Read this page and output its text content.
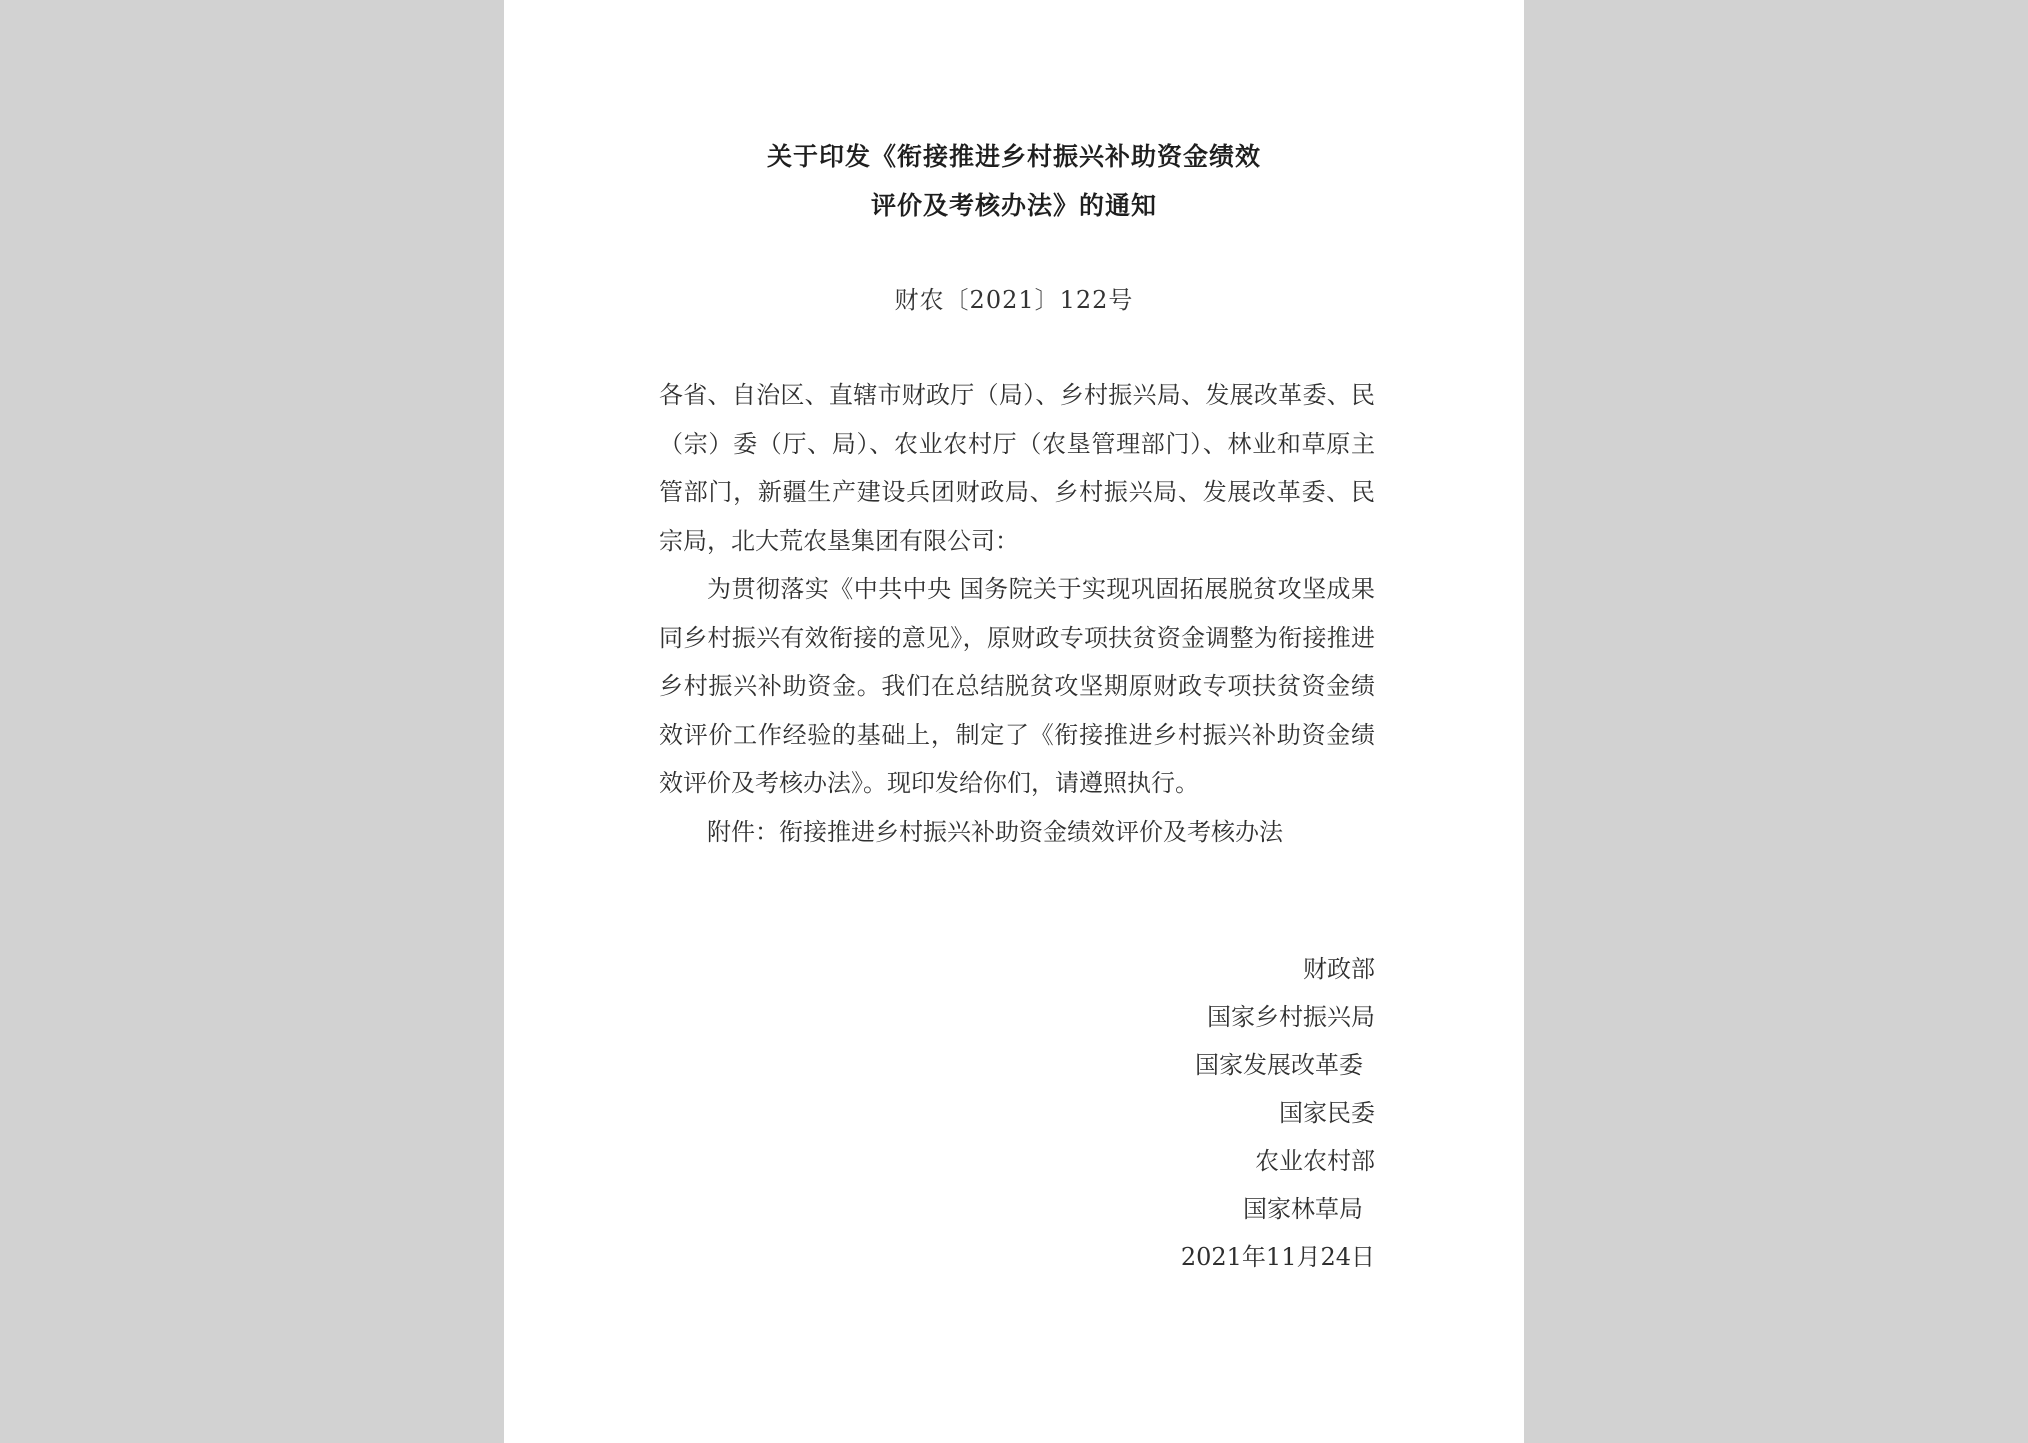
关于印发《衔接推进乡村振兴补助资金绩效
评价及考核办法》的通知
财农〔2021〕122号

各省、自治区、直辖市财政厅（局）、乡村振兴局、发展改革委、民（宗）委（厅、局）、农业农村厅（农垦管理部门）、林业和草原主管部门，新疆生产建设兵团财政局、乡村振兴局、发展改革委、民宗局，北大荒农垦集团有限公司：

为贯彻落实《中共中央 国务院关于实现巩固拓展脱贫攻坚成果同乡村振兴有效衔接的意见》，原财政专项扶贫资金调整为衔接推进乡村振兴补助资金。我们在总结脱贫攻坚期原财政专项扶贫资金绩效评价工作经验的基础上，制定了《衔接推进乡村振兴补助资金绩效评价及考核办法》。现印发给你们，请遵照执行。

附件：衔接推进乡村振兴补助资金绩效评价及考核办法

财政部
国家乡村振兴局
国家发展改革委
国家民委
农业农村部
国家林草局
2021年11月24日
